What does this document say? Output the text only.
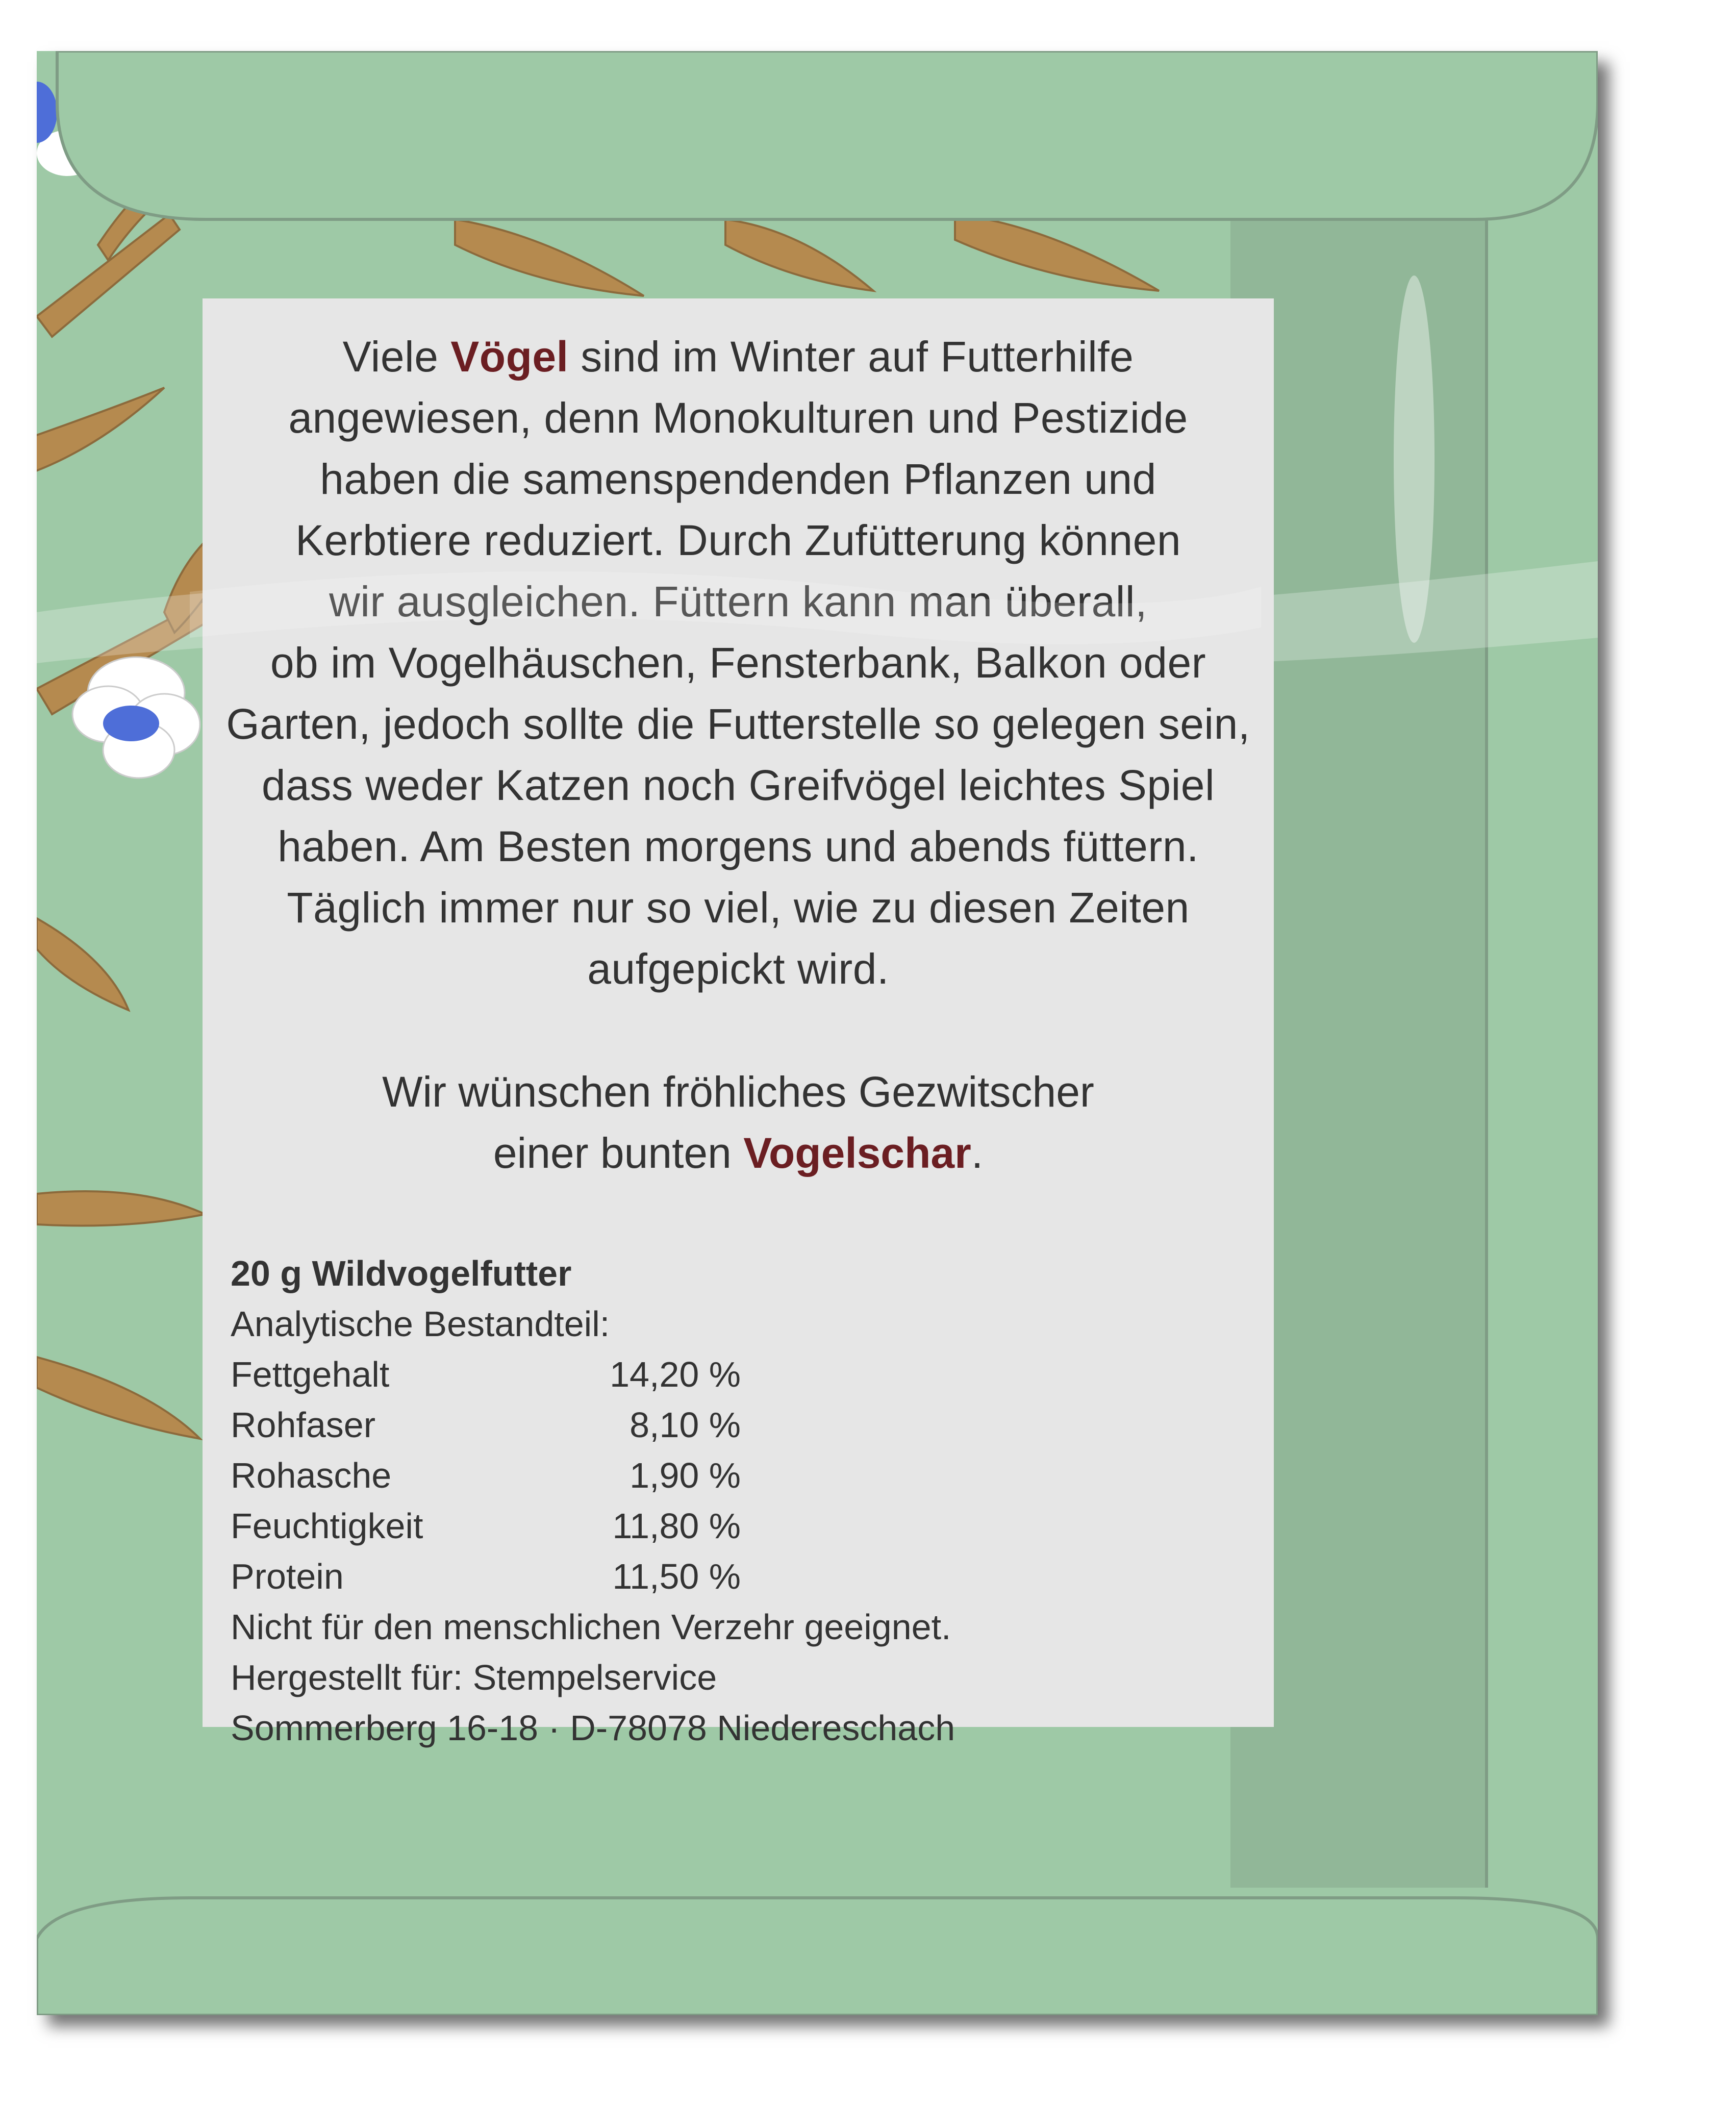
Viele Vögel sind im Winter auf Futterhilfe
angewiesen, denn Monokulturen und Pestizide
haben die samenspendenden Pflanzen und
Kerbtiere reduziert. Durch Zufütterung können
wir ausgleichen. Füttern kann man überall,
ob im Vogelhäuschen, Fensterbank, Balkon oder
Garten, jedoch sollte die Futterstelle so gelegen sein,
dass weder Katzen noch Greifvögel leichtes Spiel
haben. Am Besten morgens und abends füttern.
Täglich immer nur so viel, wie zu diesen Zeiten
aufgepickt wird.
Wir wünschen fröhliches Gezwitscher
einer bunten Vogelschar.
20 g Wildvogelfutter
Analytische Bestandteil:
Fettgehalt	14,20 %
Rohfaser	8,10 %
Rohasche	1,90 %
Feuchtigkeit	11,80 %
Protein	11,50 %
Nicht für den menschlichen Verzehr geeignet.
Hergestellt für: Stempelservice
Sommerberg 16-18 · D-78078 Niedereschach
